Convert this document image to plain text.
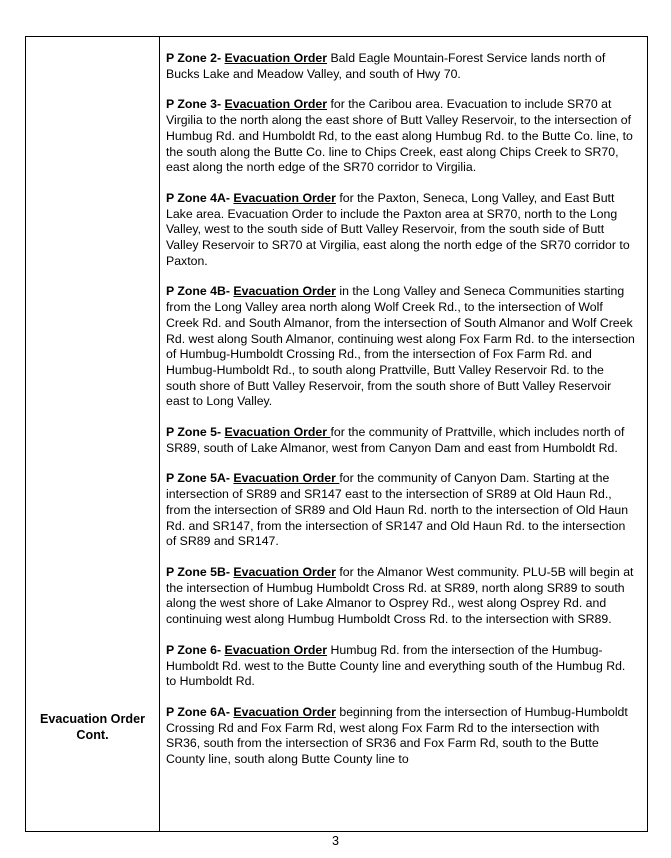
Evacuation Order
Cont.

P Zone 2- Evacuation Order Bald Eagle Mountain-Forest Service lands north of Bucks Lake and Meadow Valley, and south of Hwy 70.

P Zone 3- Evacuation Order for the Caribou area. Evacuation to include SR70 at Virgilia to the north along the east shore of Butt Valley Reservoir, to the intersection of Humbug Rd. and Humboldt Rd, to the east along Humbug Rd. to the Butte Co. line, to the south along the Butte Co. line to Chips Creek, east along Chips Creek to SR70, east along the north edge of the SR70 corridor to Virgilia.

P Zone 4A- Evacuation Order for the Paxton, Seneca, Long Valley, and East Butt Lake area. Evacuation Order to include the Paxton area at SR70, north to the Long Valley, west to the south side of Butt Valley Reservoir, from the south side of Butt Valley Reservoir to SR70 at Virgilia, east along the north edge of the SR70 corridor to Paxton.

P Zone 4B- Evacuation Order in the Long Valley and Seneca Communities starting from the Long Valley area north along Wolf Creek Rd., to the intersection of Wolf Creek Rd. and South Almanor, from the intersection of South Almanor and Wolf Creek Rd. west along South Almanor, continuing west along Fox Farm Rd. to the intersection of Humbug-Humboldt Crossing Rd., from the intersection of Fox Farm Rd. and Humbug-Humboldt Rd., to south along Prattville, Butt Valley Reservoir Rd. to the south shore of Butt Valley Reservoir, from the south shore of Butt Valley Reservoir east to Long Valley.

P Zone 5- Evacuation Order for the community of Prattville, which includes north of SR89, south of Lake Almanor, west from Canyon Dam and east from Humboldt Rd.

P Zone 5A- Evacuation Order for the community of Canyon Dam. Starting at the intersection of SR89 and SR147 east to the intersection of SR89 at Old Haun Rd., from the intersection of SR89 and Old Haun Rd. north to the intersection of Old Haun Rd. and SR147, from the intersection of SR147 and Old Haun Rd. to the intersection of SR89 and SR147.

P Zone 5B- Evacuation Order for the Almanor West community. PLU-5B will begin at the intersection of Humbug Humboldt Cross Rd. at SR89, north along SR89 to south along the west shore of Lake Almanor to Osprey Rd., west along Osprey Rd. and continuing west along Humbug Humboldt Cross Rd. to the intersection with SR89.

P Zone 6- Evacuation Order Humbug Rd. from the intersection of the Humbug-Humboldt Rd. west to the Butte County line and everything south of the Humbug Rd. to Humboldt Rd.

P Zone 6A- Evacuation Order beginning from the intersection of Humbug-Humboldt Crossing Rd and Fox Farm Rd, west along Fox Farm Rd to the intersection with SR36, south from the intersection of SR36 and Fox Farm Rd, south to the Butte County line, south along Butte County line to

3
